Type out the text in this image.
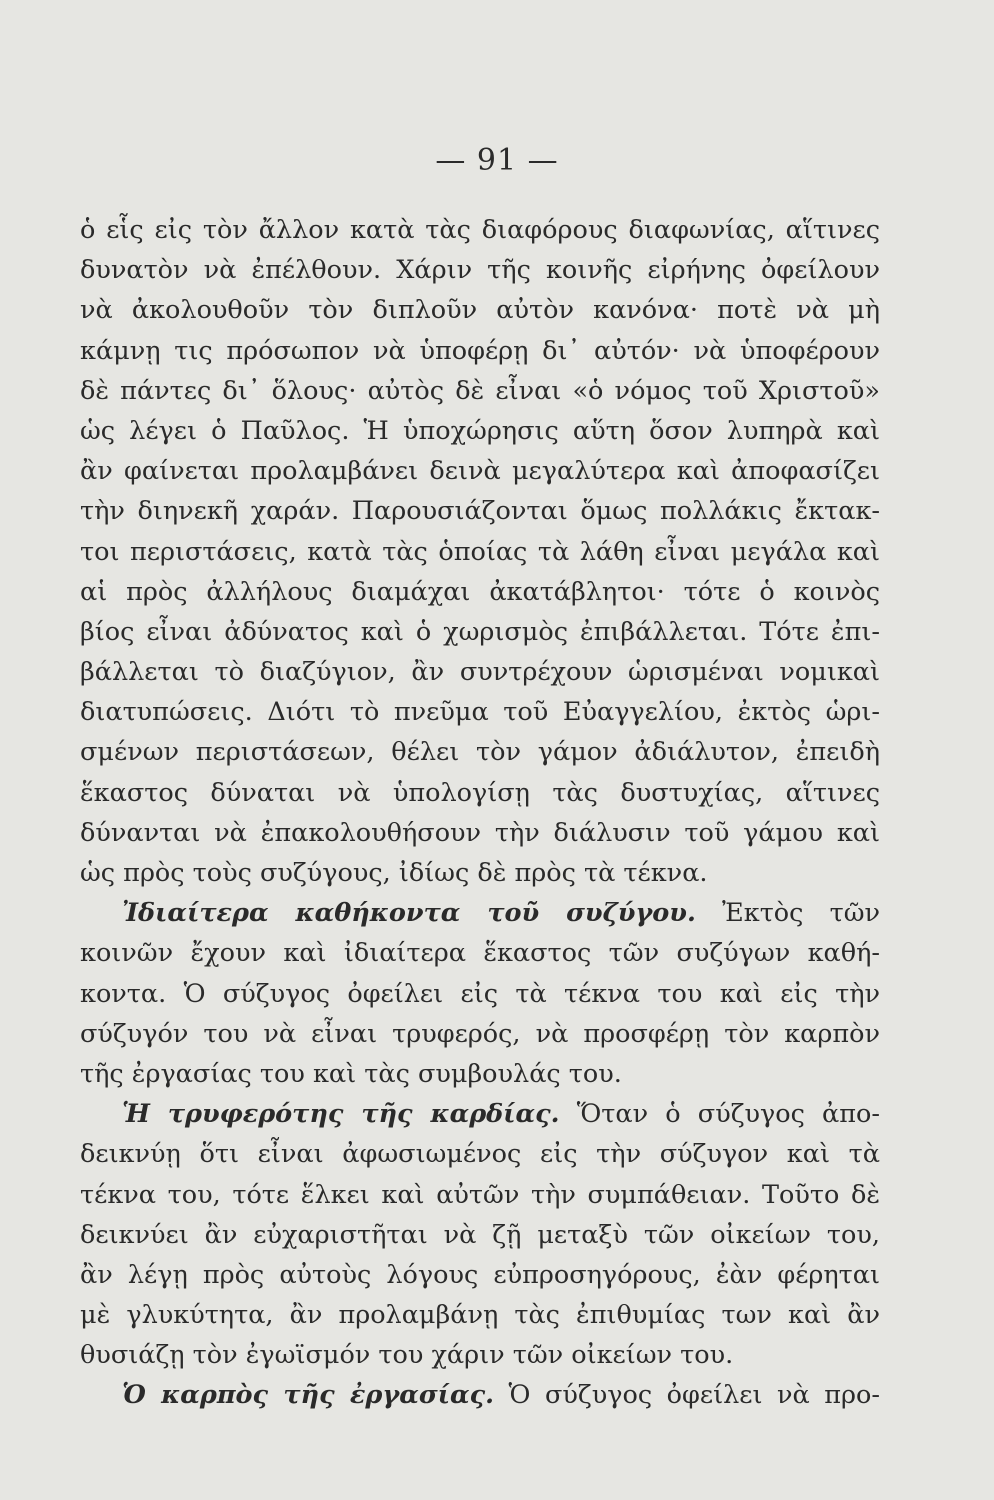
— 91 —
ὁ εἷς εἰς τὸν ἄλλον κατὰ τὰς διαφόρους διαφωνίας, αἵτινες
δυνατὸν νὰ ἐπέλθουν. Χάριν τῆς κοινῆς εἰρήνης ὀφείλουν
νὰ ἀκολουθοῦν τὸν διπλοῦν αὐτὸν κανόνα· ποτὲ νὰ μὴ
κάμνῃ τις πρόσωπον νὰ ὑποφέρῃ δι᾽ αὐτόν· νὰ ὑποφέρουν
δὲ πάντες δι᾽ ὅλους· αὐτὸς δὲ εἶναι «ὁ νόμος τοῦ Χριστοῦ»
ὡς λέγει ὁ Παῦλος. Ἡ ὑποχώρησις αὕτη ὅσον λυπηρὰ καὶ
ἂν φαίνεται προλαμβάνει δεινὰ μεγαλύτερα καὶ ἀποφασίζει
τὴν διηνεκῆ χαράν. Παρουσιάζονται ὅμως πολλάκις ἔκτακ-
τοι περιστάσεις, κατὰ τὰς ὁποίας τὰ λάθη εἶναι μεγάλα καὶ
αἱ πρὸς ἀλλήλους διαμάχαι ἀκατάβλητοι· τότε ὁ κοινὸς
βίος εἶναι ἀδύνατος καὶ ὁ χωρισμὸς ἐπιβάλλεται. Τότε ἐπι-
βάλλεται τὸ διαζύγιον, ἂν συντρέχουν ὡρισμέναι νομικαὶ
διατυπώσεις. Διότι τὸ πνεῦμα τοῦ Εὐαγγελίου, ἐκτὸς ὡρι-
σμένων περιστάσεων, θέλει τὸν γάμον ἀδιάλυτον, ἐπειδὴ
ἕκαστος δύναται νὰ ὑπολογίσῃ τὰς δυστυχίας, αἵτινες
δύνανται νὰ ἐπακολουθήσουν τὴν διάλυσιν τοῦ γάμου καὶ
ὡς πρὸς τοὺς συζύγους, ἰδίως δὲ πρὸς τὰ τέκνα.
Ἰδιαίτερα καθήκοντα τοῦ συζύγου. Ἐκτὸς τῶν
κοινῶν ἔχουν καὶ ἰδιαίτερα ἕκαστος τῶν συζύγων καθή-
κοντα. Ὁ σύζυγος ὀφείλει εἰς τὰ τέκνα του καὶ εἰς τὴν
σύζυγόν του νὰ εἶναι τρυφερός, νὰ προσφέρῃ τὸν καρπὸν
τῆς ἐργασίας του καὶ τὰς συμβουλάς του.
Ἡ τρυφερότης τῆς καρδίας. Ὅταν ὁ σύζυγος ἀπο-
δεικνύῃ ὅτι εἶναι ἀφωσιωμένος εἰς τὴν σύζυγον καὶ τὰ
τέκνα του, τότε ἕλκει καὶ αὐτῶν τὴν συμπάθειαν. Τοῦτο δὲ
δεικνύει ἂν εὐχαριστῆται νὰ ζῇ μεταξὺ τῶν οἰκείων του,
ἂν λέγῃ πρὸς αὐτοὺς λόγους εὐπροσηγόρους, ἐὰν φέρηται
μὲ γλυκύτητα, ἂν προλαμβάνῃ τὰς ἐπιθυμίας των καὶ ἂν
θυσιάζῃ τὸν ἐγωϊσμόν του χάριν τῶν οἰκείων του.
Ὁ καρπὸς τῆς ἐργασίας. Ὁ σύζυγος ὀφείλει νὰ προ-
